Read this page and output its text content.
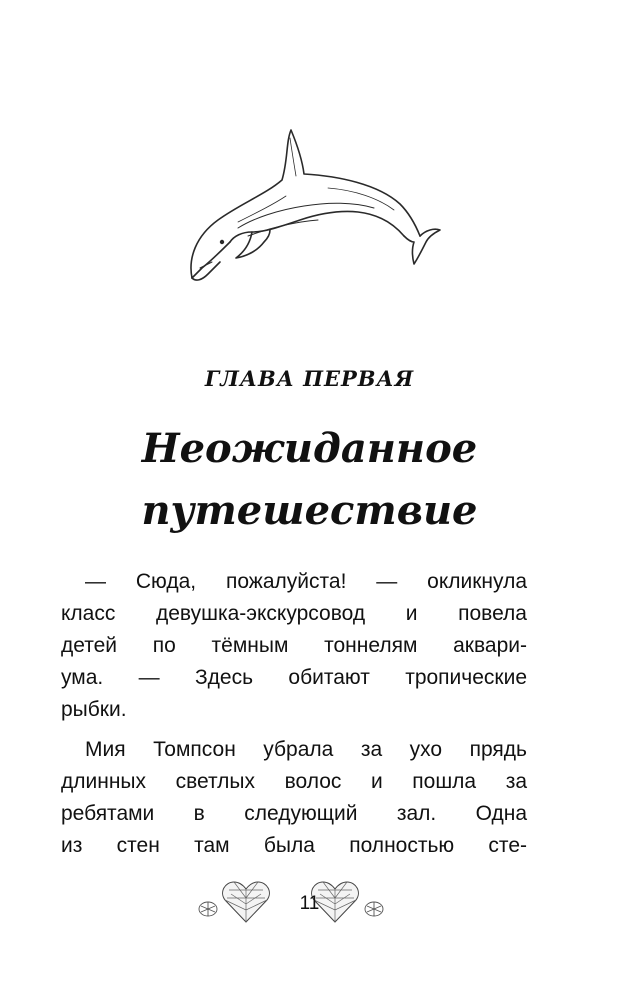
ГЛАВА ПЕРВАЯ
Неожиданное
путешествие
— Сюда, пожалуйста! — окликнула
класс девушка-экскурсовод и повела
детей по тёмным тоннелям аквари-
ума. — Здесь обитают тропические
рыбки.
Мия Томпсон убрала за ухо прядь
длинных светлых волос и пошла за
ребятами в следующий зал. Одна
из стен там была полностью сте-
11
